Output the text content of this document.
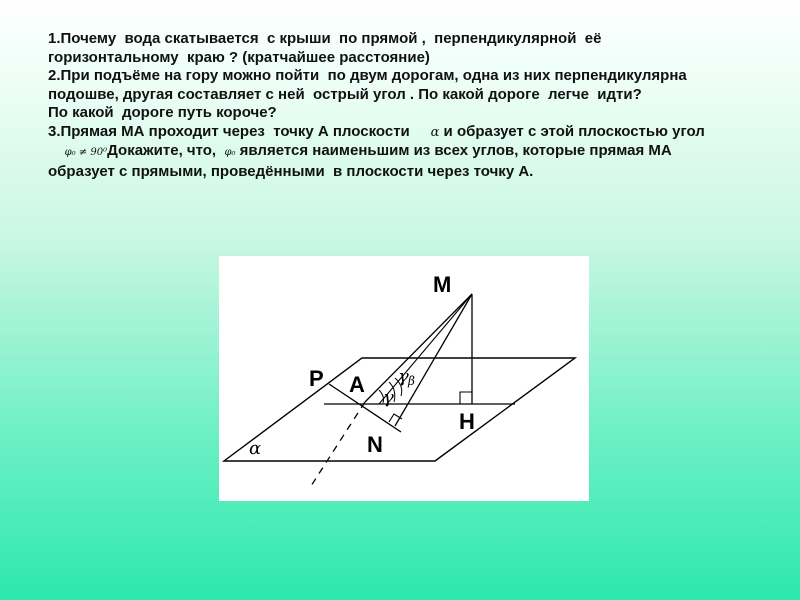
1.Почему  вода скатывается  с крыши  по прямой ,  перпендикулярной  её
горизонтальному  краю ? (кратчайшее расстояние)
2.При подъёме на гору можно пойти  по двум дорогам, одна из них перпендикулярна
подошве, другая составляет с ней  острый угол . По какой дороге  легче  идти?
По какой  дороге путь короче?
3.Прямая МА проходит через  точку А плоскости α и образует с этой плоскостью угол
φ₀ ≠ 90⁰Докажите, что, φ₀ является наименьшим из всех углов, которые прямая МА
образует с прямыми, проведёнными  в плоскости через точку А.
M
P A
H
N
α
γ
γ β
